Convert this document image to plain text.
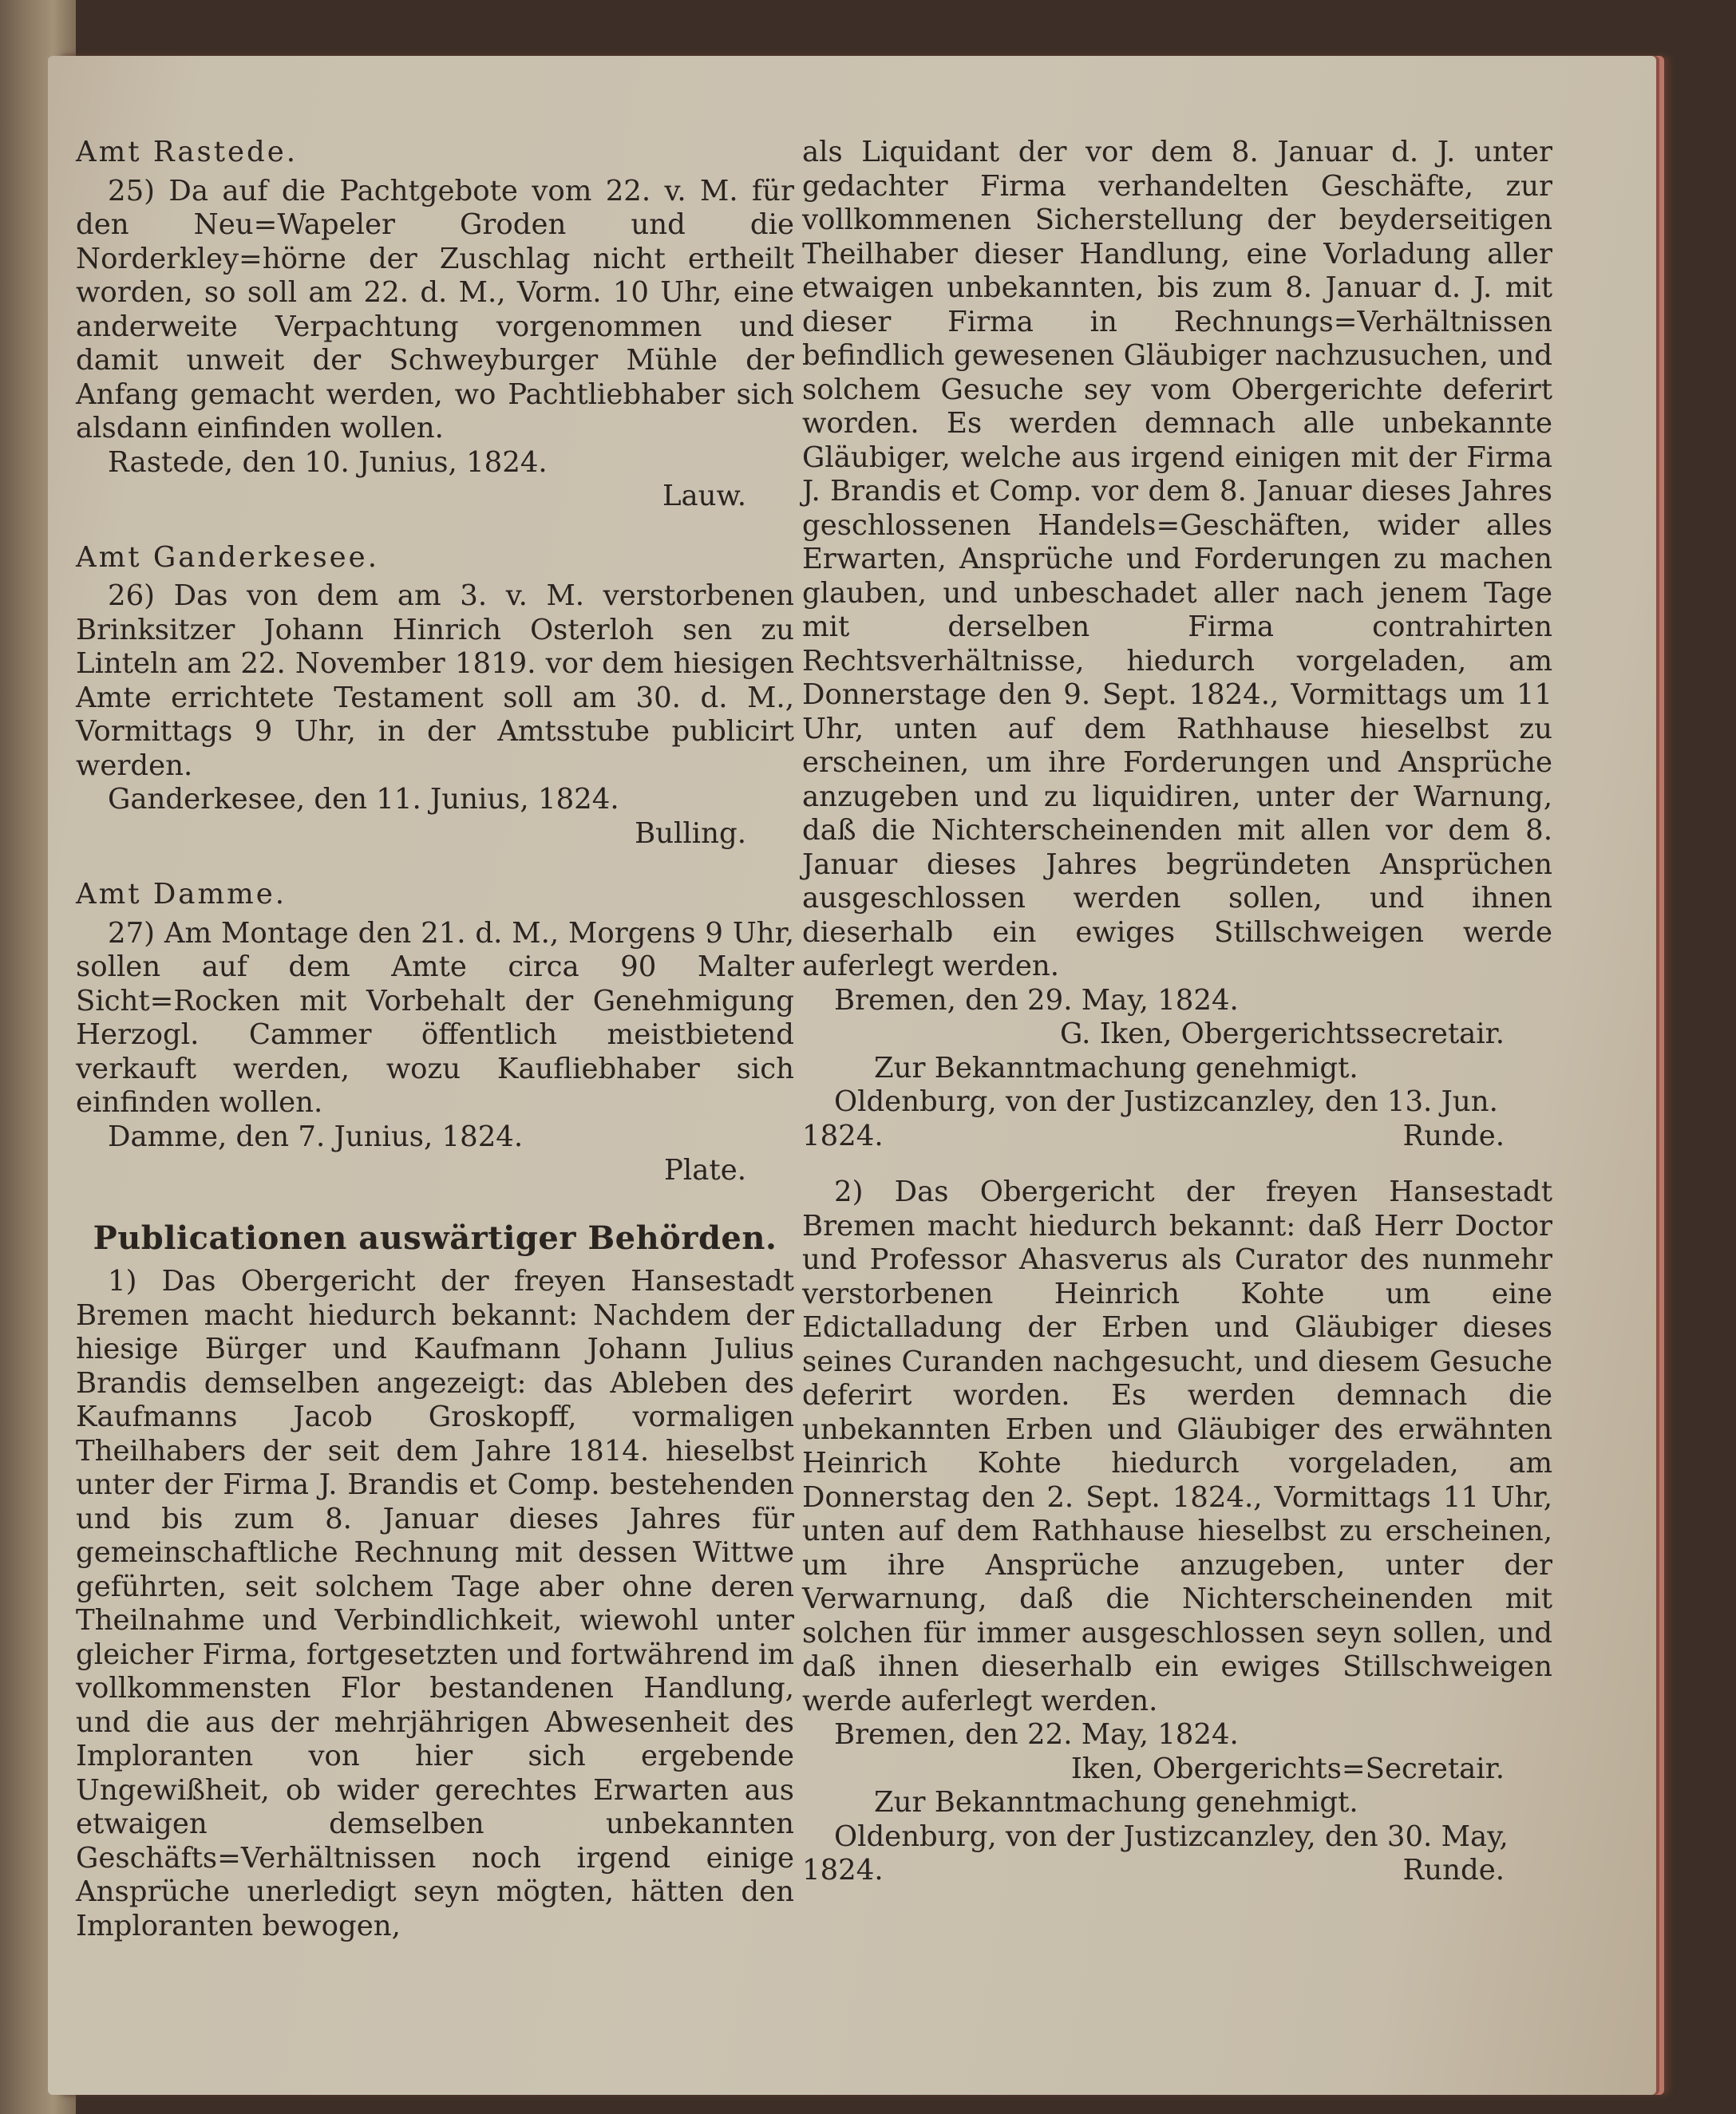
Amt Rastede.

25) Da auf die Pachtgebote vom 22. v. M. für den Neu=Wapeler Groden und die Norderkley=hörne der Zuschlag nicht ertheilt worden, so soll am 22. d. M., Vorm. 10 Uhr, eine anderweite Verpachtung vorgenommen und damit unweit der Schweyburger Mühle der Anfang gemacht werden, wo Pachtliebhaber sich alsdann einfinden wollen.

Rastede, den 10. Junius, 1824.

Lauw.

Amt Ganderkesee.

26) Das von dem am 3. v. M. verstorbenen Brinksitzer Johann Hinrich Osterloh sen zu Linteln am 22. November 1819. vor dem hiesigen Amte errichtete Testament soll am 30. d. M., Vormittags 9 Uhr, in der Amtsstube publicirt werden.

Ganderkesee, den 11. Junius, 1824.

Bulling.

Amt Damme.

27) Am Montage den 21. d. M., Morgens 9 Uhr, sollen auf dem Amte circa 90 Malter Sicht=Rocken mit Vorbehalt der Genehmigung Herzogl. Cammer öffentlich meistbietend verkauft werden, wozu Kaufliebhaber sich einfinden wollen.

Damme, den 7. Junius, 1824.

Plate.

Publicationen auswärtiger Behörden.

1) Das Obergericht der freyen Hansestadt Bremen macht hiedurch bekannt: Nachdem der hiesige Bürger und Kaufmann Johann Julius Brandis demselben angezeigt: das Ableben des Kaufmanns Jacob Groskopff, vormaligen Theilhabers der seit dem Jahre 1814. hieselbst unter der Firma J. Brandis et Comp. bestehenden und bis zum 8. Januar dieses Jahres für gemeinschaftliche Rechnung mit dessen Wittwe geführten, seit solchem Tage aber ohne deren Theilnahme und Verbindlichkeit, wiewohl unter gleicher Firma, fortgesetzten und fortwährend im vollkommensten Flor bestandenen Handlung, und die aus der mehrjährigen Abwesenheit des Imploranten von hier sich ergebende Ungewißheit, ob wider gerechtes Erwarten aus etwaigen demselben unbekannten Geschäfts=Verhältnissen noch irgend einige Ansprüche unerledigt seyn mögten, hätten den Imploranten bewogen,

als Liquidant der vor dem 8. Januar d. J. unter gedachter Firma verhandelten Geschäfte, zur vollkommenen Sicherstellung der beyderseitigen Theilhaber dieser Handlung, eine Vorladung aller etwaigen unbekannten, bis zum 8. Januar d. J. mit dieser Firma in Rechnungs=Verhältnissen befindlich gewesenen Gläubiger nachzusuchen, und solchem Gesuche sey vom Obergerichte deferirt worden. Es werden demnach alle unbekannte Gläubiger, welche aus irgend einigen mit der Firma J. Brandis et Comp. vor dem 8. Januar dieses Jahres geschlossenen Handels=Geschäften, wider alles Erwarten, Ansprüche und Forderungen zu machen glauben, und unbeschadet aller nach jenem Tage mit derselben Firma contrahirten Rechtsverhältnisse, hiedurch vorgeladen, am Donnerstage den 9. Sept. 1824., Vormittags um 11 Uhr, unten auf dem Rathhause hieselbst zu erscheinen, um ihre Forderungen und Ansprüche anzugeben und zu liquidiren, unter der Warnung, daß die Nichterscheinenden mit allen vor dem 8. Januar dieses Jahres begründeten Ansprüchen ausgeschlossen werden sollen, und ihnen dieserhalb ein ewiges Stillschweigen werde auferlegt werden.

Bremen, den 29. May, 1824.

G. Iken, Obergerichtssecretair.

Zur Bekanntmachung genehmigt.

Oldenburg, von der Justizcanzley, den 13. Jun.

1824.	Runde.

2) Das Obergericht der freyen Hansestadt Bremen macht hiedurch bekannt: daß Herr Doctor und Professor Ahasverus als Curator des nunmehr verstorbenen Heinrich Kohte um eine Edictalladung der Erben und Gläubiger dieses seines Curanden nachgesucht, und diesem Gesuche deferirt worden. Es werden demnach die unbekannten Erben und Gläubiger des erwähnten Heinrich Kohte hiedurch vorgeladen, am Donnerstag den 2. Sept. 1824., Vormittags 11 Uhr, unten auf dem Rathhause hieselbst zu erscheinen, um ihre Ansprüche anzugeben, unter der Verwarnung, daß die Nichterscheinenden mit solchen für immer ausgeschlossen seyn sollen, und daß ihnen dieserhalb ein ewiges Stillschweigen werde auferlegt werden.

Bremen, den 22. May, 1824.

Iken, Obergerichts=Secretair.

Zur Bekanntmachung genehmigt.

Oldenburg, von der Justizcanzley, den 30. May,

1824.	Runde.
